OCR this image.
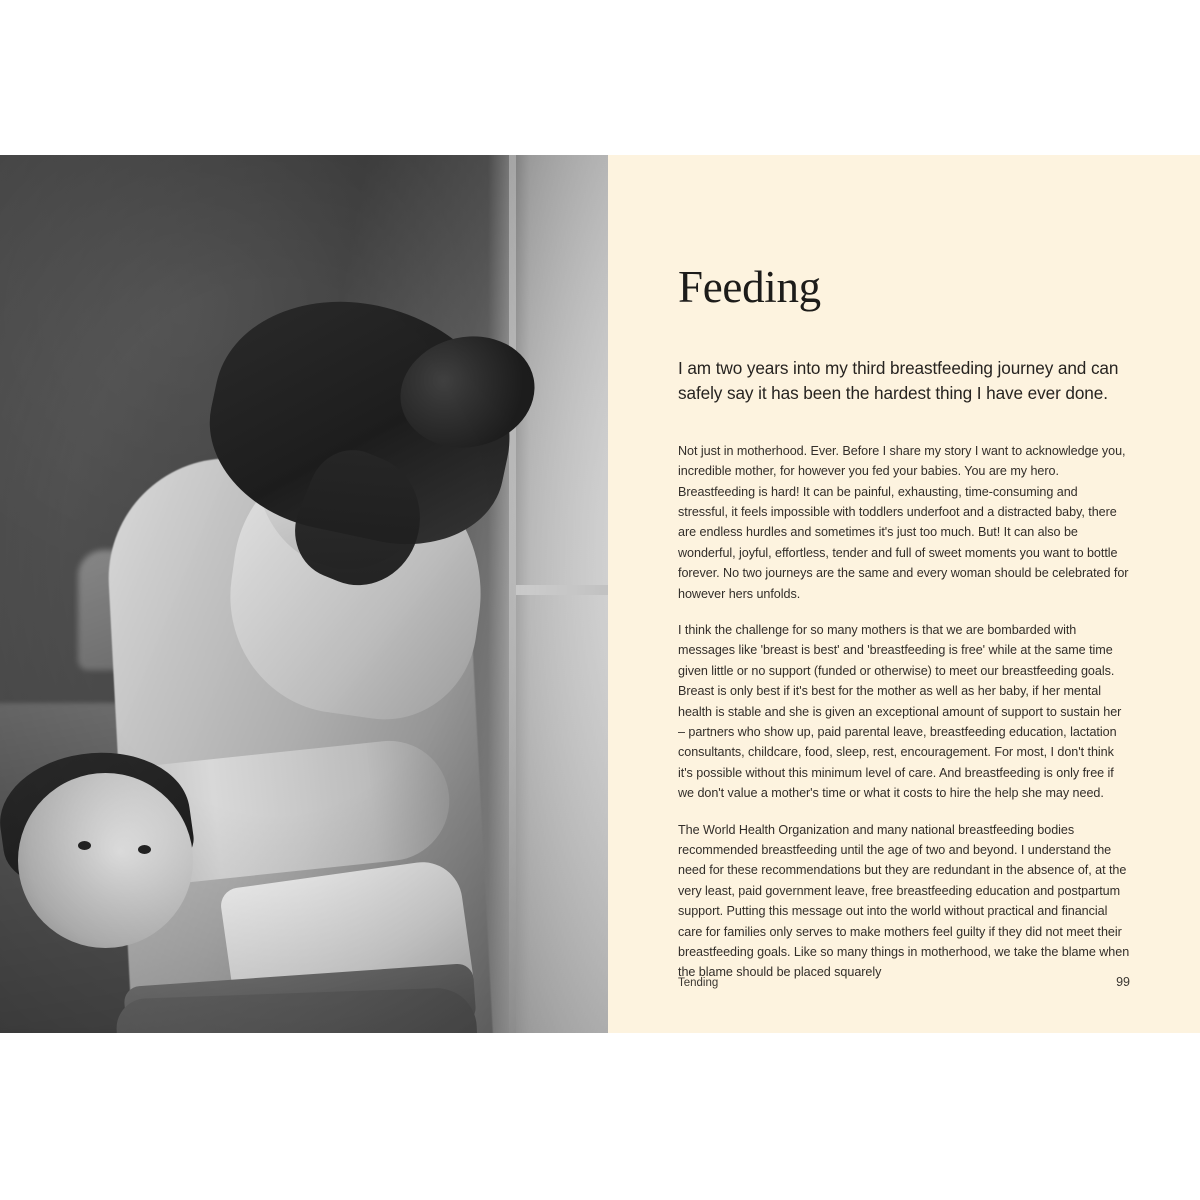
Feeding

I am two years into my third breastfeeding journey and can safely say it has been the hardest thing I have ever done.

Not just in motherhood. Ever. Before I share my story I want to acknowledge you, incredible mother, for however you fed your babies. You are my hero. Breastfeeding is hard! It can be painful, exhausting, time-consuming and stressful, it feels impossible with toddlers underfoot and a distracted baby, there are endless hurdles and sometimes it's just too much. But! It can also be wonderful, joyful, effortless, tender and full of sweet moments you want to bottle forever. No two journeys are the same and every woman should be celebrated for however hers unfolds.

I think the challenge for so many mothers is that we are bombarded with messages like 'breast is best' and 'breastfeeding is free' while at the same time given little or no support (funded or otherwise) to meet our breastfeeding goals. Breast is only best if it's best for the mother as well as her baby, if her mental health is stable and she is given an exceptional amount of support to sustain her – partners who show up, paid parental leave, breastfeeding education, lactation consultants, childcare, food, sleep, rest, encouragement. For most, I don't think it's possible without this minimum level of care. And breastfeeding is only free if we don't value a mother's time or what it costs to hire the help she may need.

The World Health Organization and many national breastfeeding bodies recommended breastfeeding until the age of two and beyond. I understand the need for these recommendations but they are redundant in the absence of, at the very least, paid government leave, free breastfeeding education and postpartum support. Putting this message out into the world without practical and financial care for families only serves to make mothers feel guilty if they did not meet their breastfeeding goals. Like so many things in motherhood, we take the blame when the blame should be placed squarely

Tending	99
